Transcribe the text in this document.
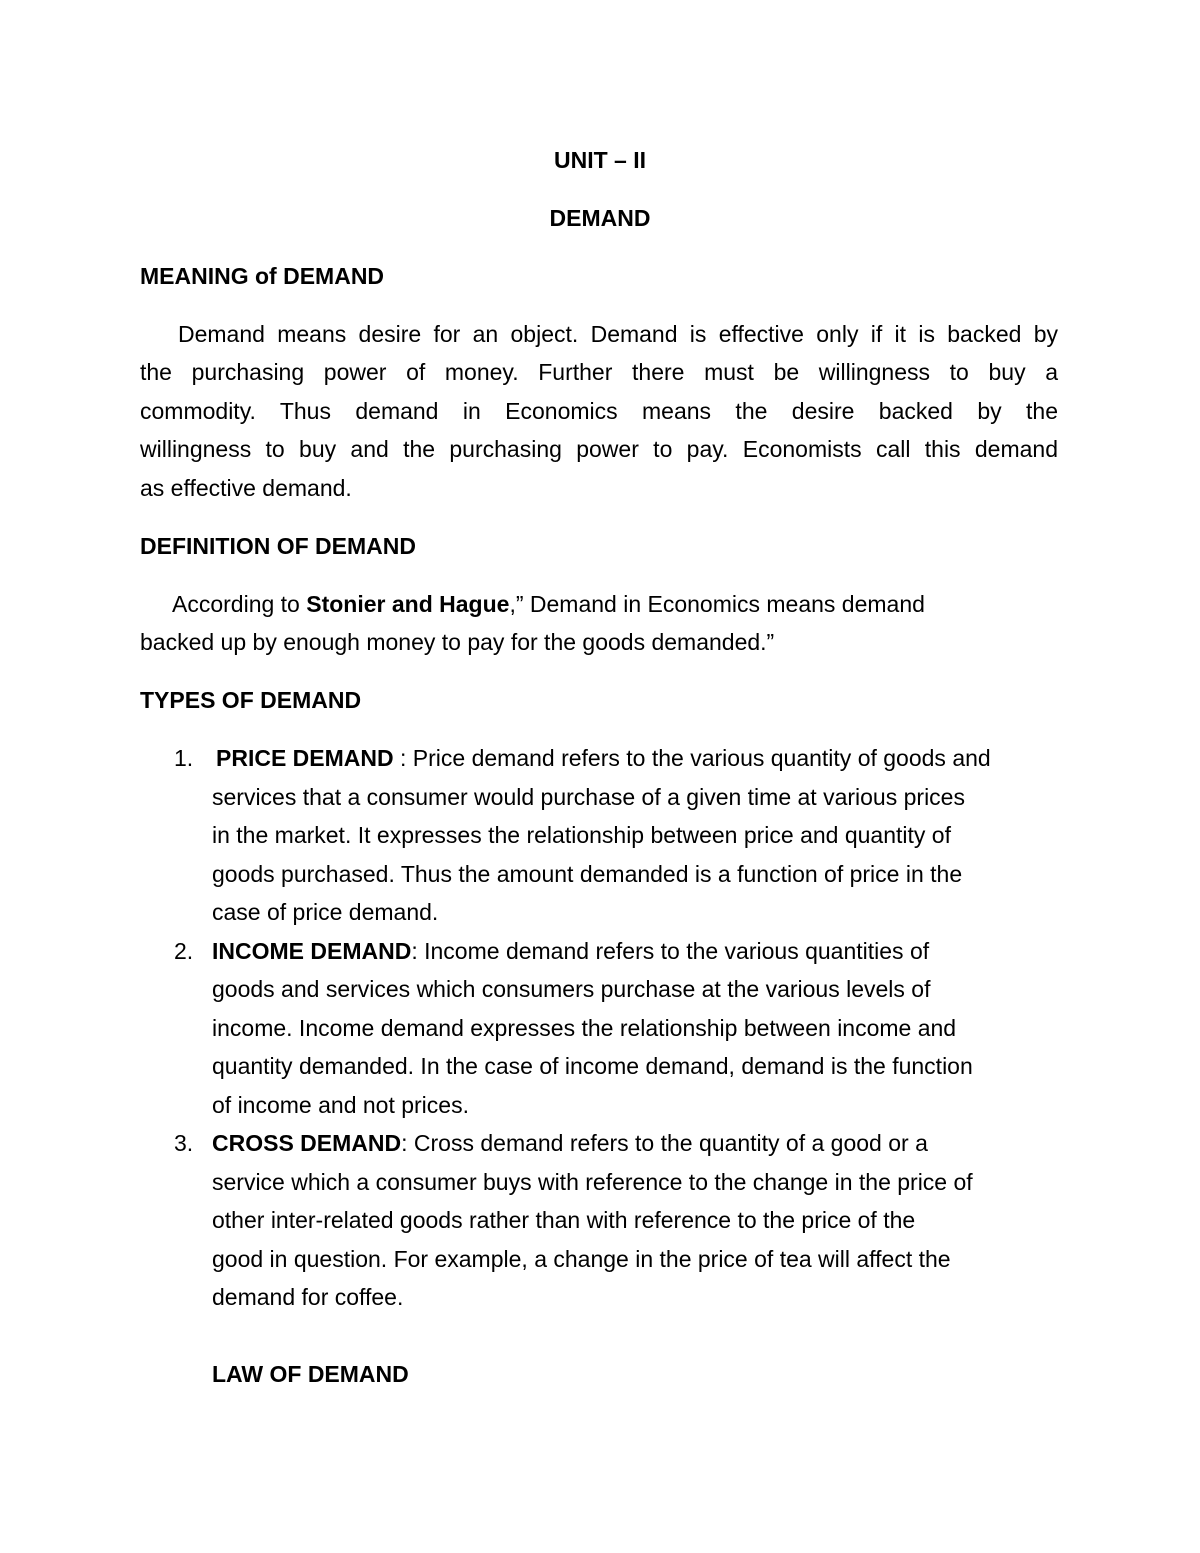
UNIT – II
DEMAND
MEANING of DEMAND
Demand means desire for an object. Demand is effective only if it is backed by
the purchasing power of money. Further there must be willingness to buy a
commodity. Thus demand in Economics means the desire backed by the
willingness to buy and the purchasing power to pay. Economists call this demand
as effective demand.
DEFINITION OF DEMAND
According to Stonier and Hague,” Demand in Economics means demand
backed up by enough money to pay for the goods demanded.”
TYPES OF DEMAND
1. PRICE DEMAND : Price demand refers to the various quantity of goods and
services that a consumer would purchase of a given time at various prices
in the market. It expresses the relationship between price and quantity of
goods purchased. Thus the amount demanded is a function of price in the
case of price demand.
2. INCOME DEMAND: Income demand refers to the various quantities of
goods and services which consumers purchase at the various levels of
income. Income demand expresses the relationship between income and
quantity demanded. In the case of income demand, demand is the function
of income and not prices.
3. CROSS DEMAND: Cross demand refers to the quantity of a good or a
service which a consumer buys with reference to the change in the price of
other inter-related goods rather than with reference to the price of the
good in question. For example, a change in the price of tea will affect the
demand for coffee.
LAW OF DEMAND
